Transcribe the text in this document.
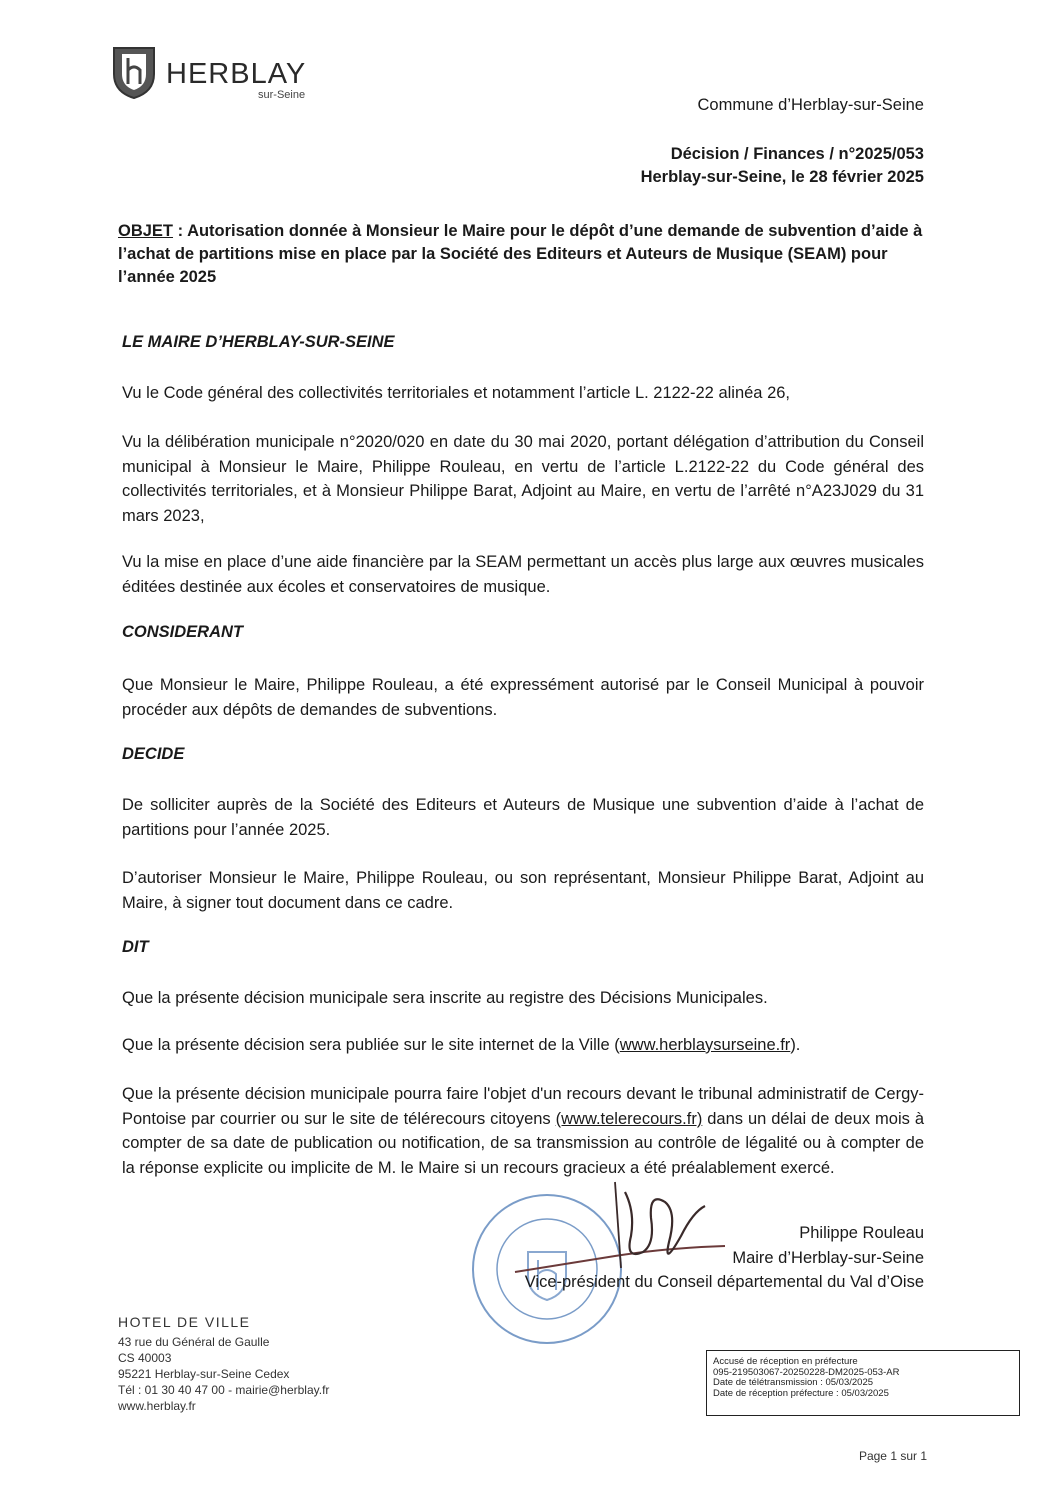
HERBLAY
sur-Seine
Commune d’Herblay-sur-Seine
Décision / Finances / n°2025/053
Herblay-sur-Seine, le 28 février 2025
OBJET : Autorisation donnée à Monsieur le Maire pour le dépôt d’une demande de subvention d’aide à l’achat de partitions mise en place par la Société des Editeurs et Auteurs de Musique (SEAM) pour l’année 2025
LE MAIRE D’HERBLAY-SUR-SEINE
Vu le Code général des collectivités territoriales et notamment l’article L. 2122-22 alinéa 26,
Vu la délibération municipale n°2020/020 en date du 30 mai 2020, portant délégation d’attribution du Conseil municipal à Monsieur le Maire, Philippe Rouleau, en vertu de l’article L.2122-22 du Code général des collectivités territoriales, et à Monsieur Philippe Barat, Adjoint au Maire, en vertu de l’arrêté n°A23J029 du 31 mars 2023,
Vu la mise en place d’une aide financière par la SEAM permettant un accès plus large aux œuvres musicales éditées destinée aux écoles et conservatoires de musique.
CONSIDERANT
Que Monsieur le Maire, Philippe Rouleau, a été expressément autorisé par le Conseil Municipal à pouvoir procéder aux dépôts de demandes de subventions.
DECIDE
De solliciter auprès de la Société des Editeurs et Auteurs de Musique une subvention d’aide à l’achat de partitions pour l’année 2025.
D’autoriser Monsieur le Maire, Philippe Rouleau, ou son représentant, Monsieur Philippe Barat, Adjoint au Maire, à signer tout document dans ce cadre.
DIT
Que la présente décision municipale sera inscrite au registre des Décisions Municipales.
Que la présente décision sera publiée sur le site internet de la Ville (www.herblaysurseine.fr).
Que la présente décision municipale pourra faire l'objet d'un recours devant le tribunal administratif de Cergy-Pontoise par courrier ou sur le site de télérecours citoyens (www.telerecours.fr) dans un délai de deux mois à compter de sa date de publication ou notification, de sa transmission au contrôle de légalité ou à compter de la réponse explicite ou implicite de M. le Maire si un recours gracieux a été préalablement exercé.
Philippe Rouleau
Maire d’Herblay-sur-Seine
Vice-président du Conseil départemental du Val d’Oise
HOTEL DE VILLE
43 rue du Général de Gaulle
CS 40003
95221 Herblay-sur-Seine Cedex
Tél : 01 30 40 47 00 - mairie@herblay.fr
www.herblay.fr
Accusé de réception en préfecture
095-219503067-20250228-DM2025-053-AR
Date de télétransmission : 05/03/2025
Date de réception préfecture : 05/03/2025
Page 1 sur 1
